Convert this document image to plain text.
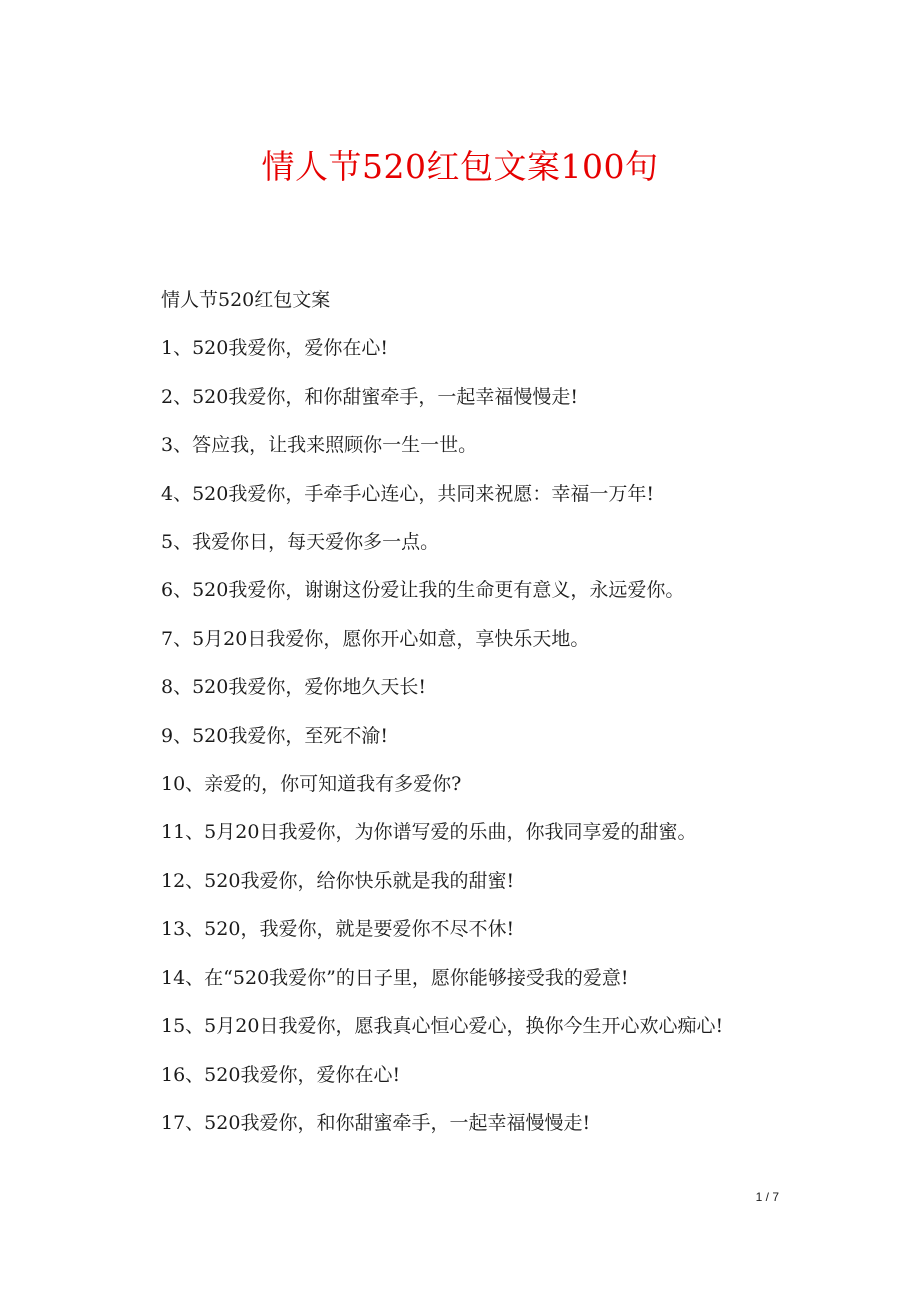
情人节520红包文案100句

情人节520红包文案

1、520我爱你，爱你在心!

2、520我爱你，和你甜蜜牵手，一起幸福慢慢走!

3、答应我，让我来照顾你一生一世。

4、520我爱你，手牵手心连心，共同来祝愿：幸福一万年!

5、我爱你日，每天爱你多一点。

6、520我爱你，谢谢这份爱让我的生命更有意义，永远爱你。

7、5月20日我爱你，愿你开心如意，享快乐天地。

8、520我爱你，爱你地久天长!

9、520我爱你，至死不渝!

10、亲爱的，你可知道我有多爱你?

11、5月20日我爱你，为你谱写爱的乐曲，你我同享爱的甜蜜。

12、520我爱你，给你快乐就是我的甜蜜!

13、520，我爱你，就是要爱你不尽不休!

14、在“520我爱你”的日子里，愿你能够接受我的爱意!

15、5月20日我爱你，愿我真心恒心爱心，换你今生开心欢心痴心!

16、520我爱你，爱你在心!

17、520我爱你，和你甜蜜牵手，一起幸福慢慢走!

1 / 7
